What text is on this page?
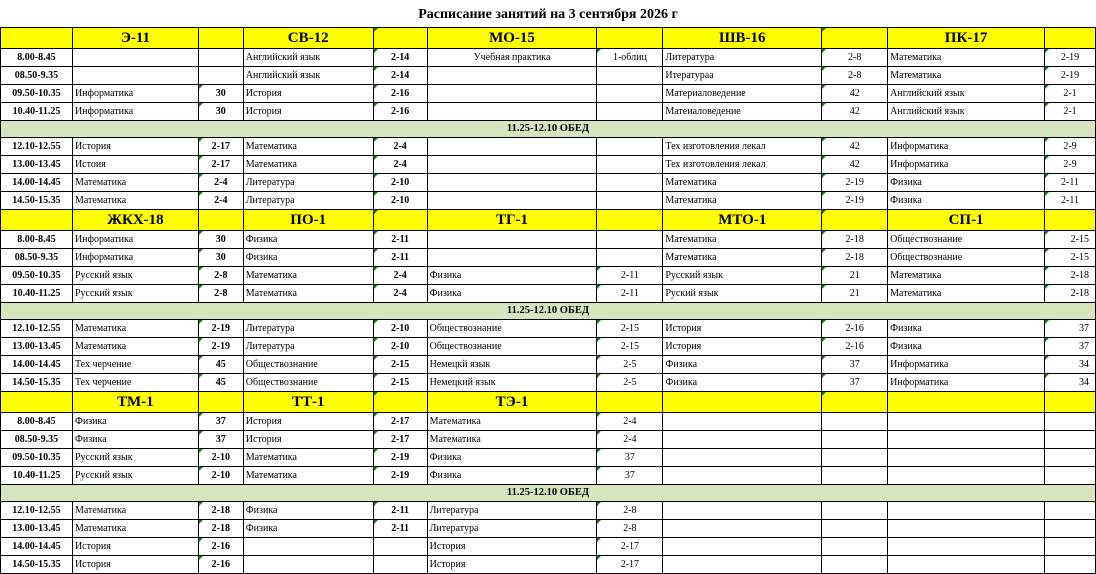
Расписание занятий на 3 сентября 2026 г
	Э-11		СВ-12		МО-15		ШВ-16		ПК-17	
8.00-8.45			Английский язык	2-14	Учебная практика	1-облиц	Литература	2-8	Математика	2-19
08.50-9.35			Английский язык	2-14			Итератураа	2-8	Математика	2-19
09.50-10.35	Информатика	30	История	2-16			Материаловедение	42	Английский язык	2-1
10.40-11.25	Информатика	30	История	2-16			Матеиаловедение	42	Английский язык	2-1
11.25-12.10 ОБЕД										
12.10-12.55	История	2-17	Математика	2-4			Тех изготовления лекал	42	Информатика	2-9
13.00-13.45	Истоия	2-17	Математика	2-4			Тех изготовления лекал	42	Информатика	2-9
14.00-14.45	Математика	2-4	Литература	2-10			Математика	2-19	Физика	2-11
14.50-15.35	Математика	2-4	Литература	2-10			Математика	2-19	Физика	2-11
	ЖКХ-18		ПО-1		ТГ-1		МТО-1		СП-1	
8.00-8.45	Информатика	30	Физика	2-11			Математика	2-18	Обществознание	2-15
08.50-9.35	Информатика	30	Физика	2-11			Математика	2-18	Обществознание	2-15
09.50-10.35	Русский язык	2-8	Математика	2-4	Физика	2-11	Русский язык	21	Математика	2-18
10.40-11.25	Русский язык	2-8	Математика	2-4	Физика	2-11	Руский язык	21	Математика	2-18
11.25-12.10 ОБЕД										
12.10-12.55	Математика	2-19	Литература	2-10	Обществознание	2-15	История	2-16	Физика	37
13.00-13.45	Математика	2-19	Литература	2-10	Обществознание	2-15	История	2-16	Физика	37
14.00-14.45	Тех черчение	45	Обществознание	2-15	Немецкй язык	2-5	Физика	37	Информатика	34
14.50-15.35	Тех черчение	45	Обществознание	2-15	Немецкий язык	2-5	Физика	37	Информатика	34
	ТМ-1		ТТ-1		ТЭ-1					
8.00-8.45	Физика	37	История	2-17	Математика	2-4				
08.50-9.35	Физика	37	История	2-17	Математика	2-4				
09.50-10.35	Русский язык	2-10	Математика	2-19	Физика	37				
10.40-11.25	Русский язык	2-10	Математика	2-19	Физика	37				
11.25-12.10 ОБЕД										
12.10-12.55	Математика	2-18	Физика	2-11	Литература	2-8				
13.00-13.45	Математика	2-18	Физика	2-11	Литература	2-8				
14.00-14.45	История	2-16			История	2-17				
14.50-15.35	История	2-16			История	2-17				
